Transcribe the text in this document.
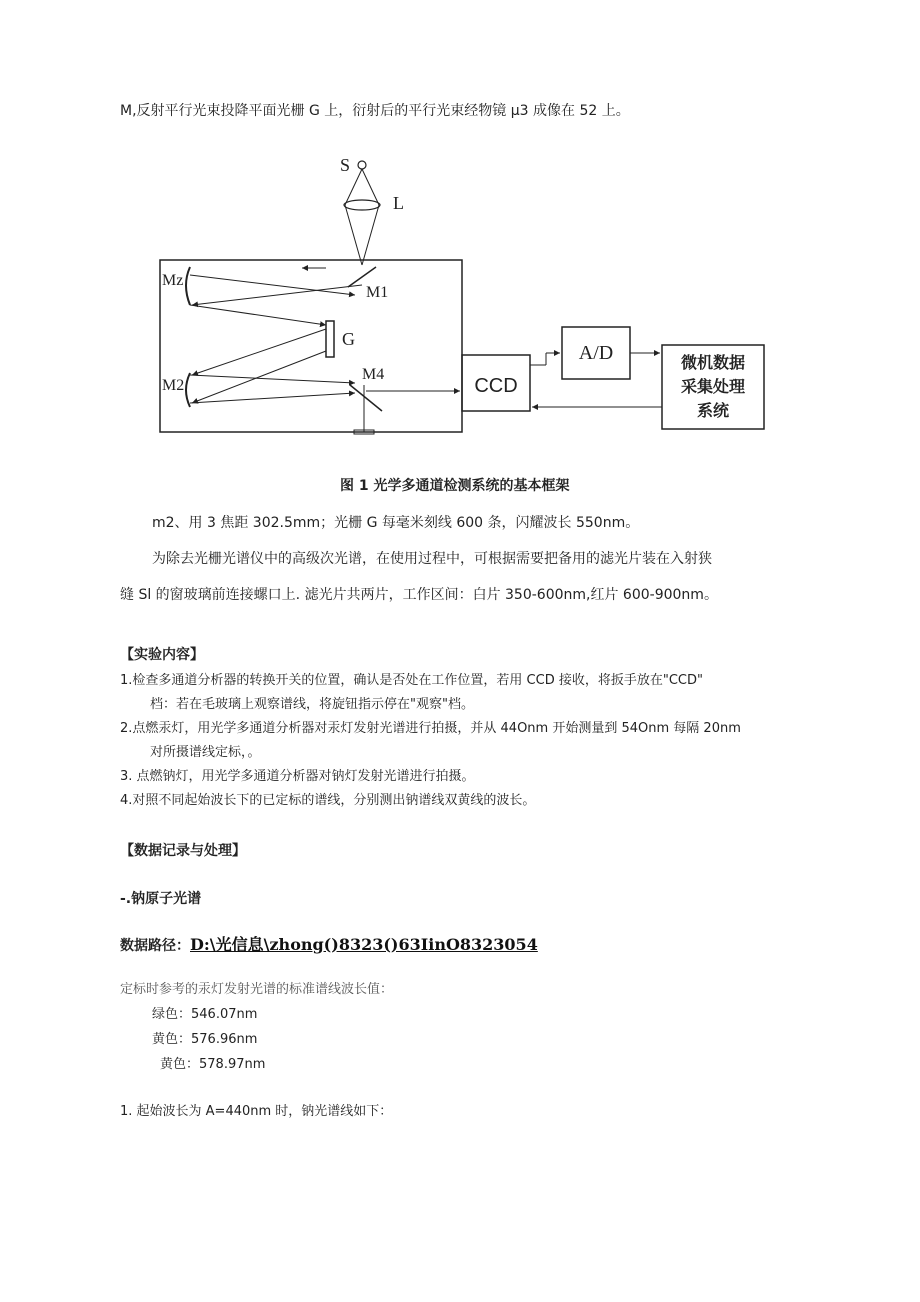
M,反射平行光束投降平面光栅 G 上，衍射后的平行光束经物镜 μ3 成像在 52 上。
S
L
Mz
M1
G
M2
M4
CCD
A/D	微机数据
采集处理
系统
图 1 光学多通道检测系统的基本框架
m2、用 3 焦距 302.5mm；光栅 G 每毫米刻线 600 条，闪耀波长 550nm。
为除去光栅光谱仪中的高级次光谱，在使用过程中，可根据需要把备用的滤光片装在入射狭
缝 Sl 的窗玻璃前连接螺口上. 滤光片共两片，工作区间：白片 350-600nm,红片 600-900nm。
【实验内容】
1.检查多通道分析器的转换开关的位置，确认是否处在工作位置，若用 CCD 接收，将扳手放在"CCD"
档：若在毛玻璃上观察谱线，将旋钮指示停在"观察"档。
2.点燃汞灯，用光学多通道分析器对汞灯发射光谱进行拍摄，并从 44Onm 开始测量到 54Onm 每隔 20nm
对所摄谱线定标，。
3. 点燃钠灯，用光学多通道分析器对钠灯发射光谱进行拍摄。
4.对照不同起始波长下的已定标的谱线，分别测出钠谱线双黄线的波长。
【数据记录与处理】
-.钠原子光谱
数据路径：D:\光信息\zhong()8323()63IinO8323054
定标时参考的汞灯发射光谱的标准谱线波长值：
绿色：546.07nm
黄色：576.96nm
黄色：578.97nm
1. 起始波长为 A=440nm 时，钠光谱线如下：
